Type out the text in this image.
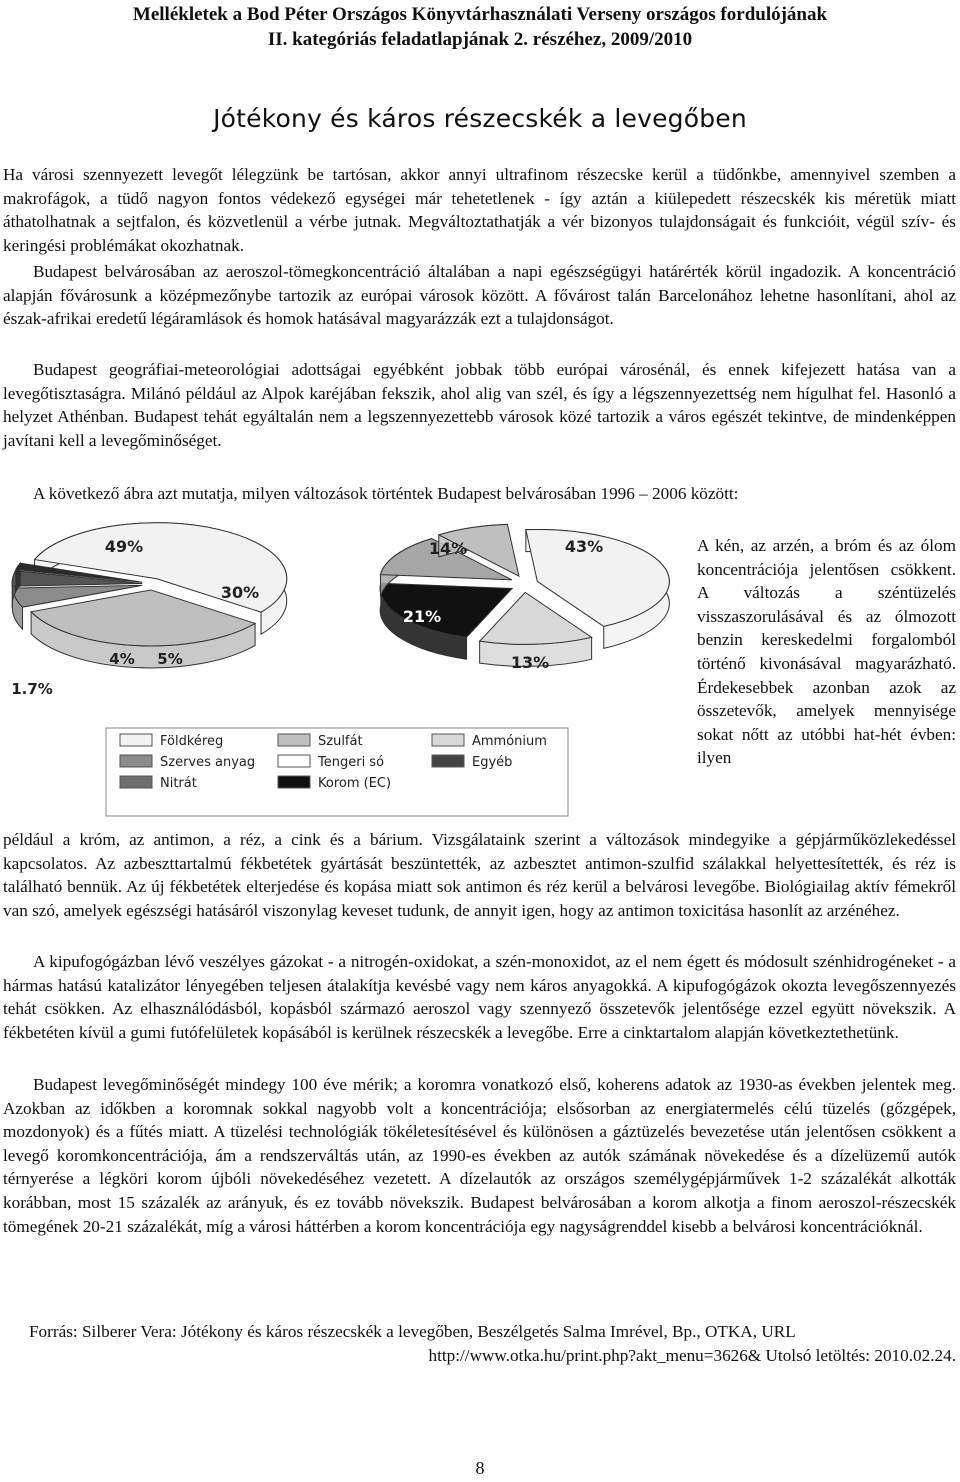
Mellékletek a Bod Péter Országos Könyvtárhasználati Verseny országos fordulójának
II. kategóriás feladatlapjának 2. részéhez, 2009/2010
Jótékony és káros részecskék a levegőben

Ha városi szennyezett levegőt lélegzünk be tartósan, akkor annyi ultrafinom részecske kerül a tüdőnkbe, amennyivel szemben a makrofágok, a tüdő nagyon fontos védekező egységei már tehetetlenek - így aztán a kiülepedett részecskék kis méretük miatt áthatolhatnak a sejtfalon, és közvetlenül a vérbe jutnak. Megváltoztathatják a vér bizonyos tulajdonságait és funkcióit, végül szív- és keringési problémákat okozhatnak.

Budapest belvárosában az aeroszol-tömegkoncentráció általában a napi egészségügyi határérték körül ingadozik. A koncentráció alapján fővárosunk a középmezőnybe tartozik az európai városok között. A fővárost talán Barcelonához lehetne hasonlítani, ahol az észak-afrikai eredetű légáramlások és homok hatásával magyarázzák ezt a tulajdonságot.

Budapest geográfiai-meteorológiai adottságai egyébként jobbak több európai városénál, és ennek kifejezett hatása van a levegőtisztaságra. Milánó például az Alpok karéjában fekszik, ahol alig van szél, és így a légszennyezettség nem hígulhat fel. Hasonló a helyzet Athénban. Budapest tehát egyáltalán nem a legszennyezettebb városok közé tartozik a város egészét tekintve, de mindenképpen javítani kell a levegőminőséget.

A következő ábra azt mutatja, milyen változások történtek Budapest belvárosában 1996 – 2006 között:

49%
30%
5%
4%
1.7%
43%
14%
21%
13%
Földkéreg	Szulfát	Ammónium
Szerves anyag	Tengeri só	Egyéb
Nitrát	Korom (EC)

A kén, az arzén, a bróm és az ólom koncentrációja jelentősen csökkent. A változás a széntüzelés visszaszorulásával és az ólmozott benzin kereskedelmi forgalomból történő kivonásával magyarázható. Érdekesebbek azonban azok az összetevők, amelyek mennyisége sokat nőtt az utóbbi hat-hét évben: ilyen

például a króm, az antimon, a réz, a cink és a bárium. Vizsgálataink szerint a változások mindegyike a gépjárműközlekedéssel kapcsolatos. Az azbeszttartalmú fékbetétek gyártását beszüntették, az azbesztet antimon-szulfid szálakkal helyettesítették, és réz is található bennük. Az új fékbetétek elterjedése és kopása miatt sok antimon és réz kerül a belvárosi levegőbe. Biológiailag aktív fémekről van szó, amelyek egészségi hatásáról viszonylag keveset tudunk, de annyit igen, hogy az antimon toxicitása hasonlít az arzénéhez.

A kipufogógázban lévő veszélyes gázokat - a nitrogén-oxidokat, a szén-monoxidot, az el nem égett és módosult szénhidrogéneket - a hármas hatású katalizátor lényegében teljesen átalakítja kevésbé vagy nem káros anyagokká. A kipufogógázok okozta levegőszennyezés tehát csökken. Az elhasználódásból, kopásból származó aeroszol vagy szennyező összetevők jelentősége ezzel együtt növekszik. A fékbetéten kívül a gumi futófelületek kopásából is kerülnek részecskék a levegőbe. Erre a cinktartalom alapján következtethetünk.

Budapest levegőminőségét mindegy 100 éve mérik; a koromra vonatkozó első, koherens adatok az 1930-as években jelentek meg. Azokban az időkben a koromnak sokkal nagyobb volt a koncentrációja; elsősorban az energiatermelés célú tüzelés (gőzgépek, mozdonyok) és a fűtés miatt. A tüzelési technológiák tökéletesítésével és különösen a gáztüzelés bevezetése után jelentősen csökkent a levegő koromkoncentrációja, ám a rendszerváltás után, az 1990-es években az autók számának növekedése és a dízelüzemű autók térnyerése a légköri korom újbóli növekedéséhez vezetett. A dízelautók az országos személygépjárművek 1-2 százalékát alkották korábban, most 15 százalék az arányuk, és ez tovább növekszik. Budapest belvárosában a korom alkotja a finom aeroszol-részecskék tömegének 20-21 százalékát, míg a városi háttérben a korom koncentrációja egy nagyságrenddel kisebb a belvárosi koncentrációknál.

Forrás: Silberer Vera: Jótékony és káros részecskék a levegőben, Beszélgetés Salma Imrével, Bp., OTKA, URL
http://www.otka.hu/print.php?akt_menu=3626& Utolsó letöltés: 2010.02.24.
8
